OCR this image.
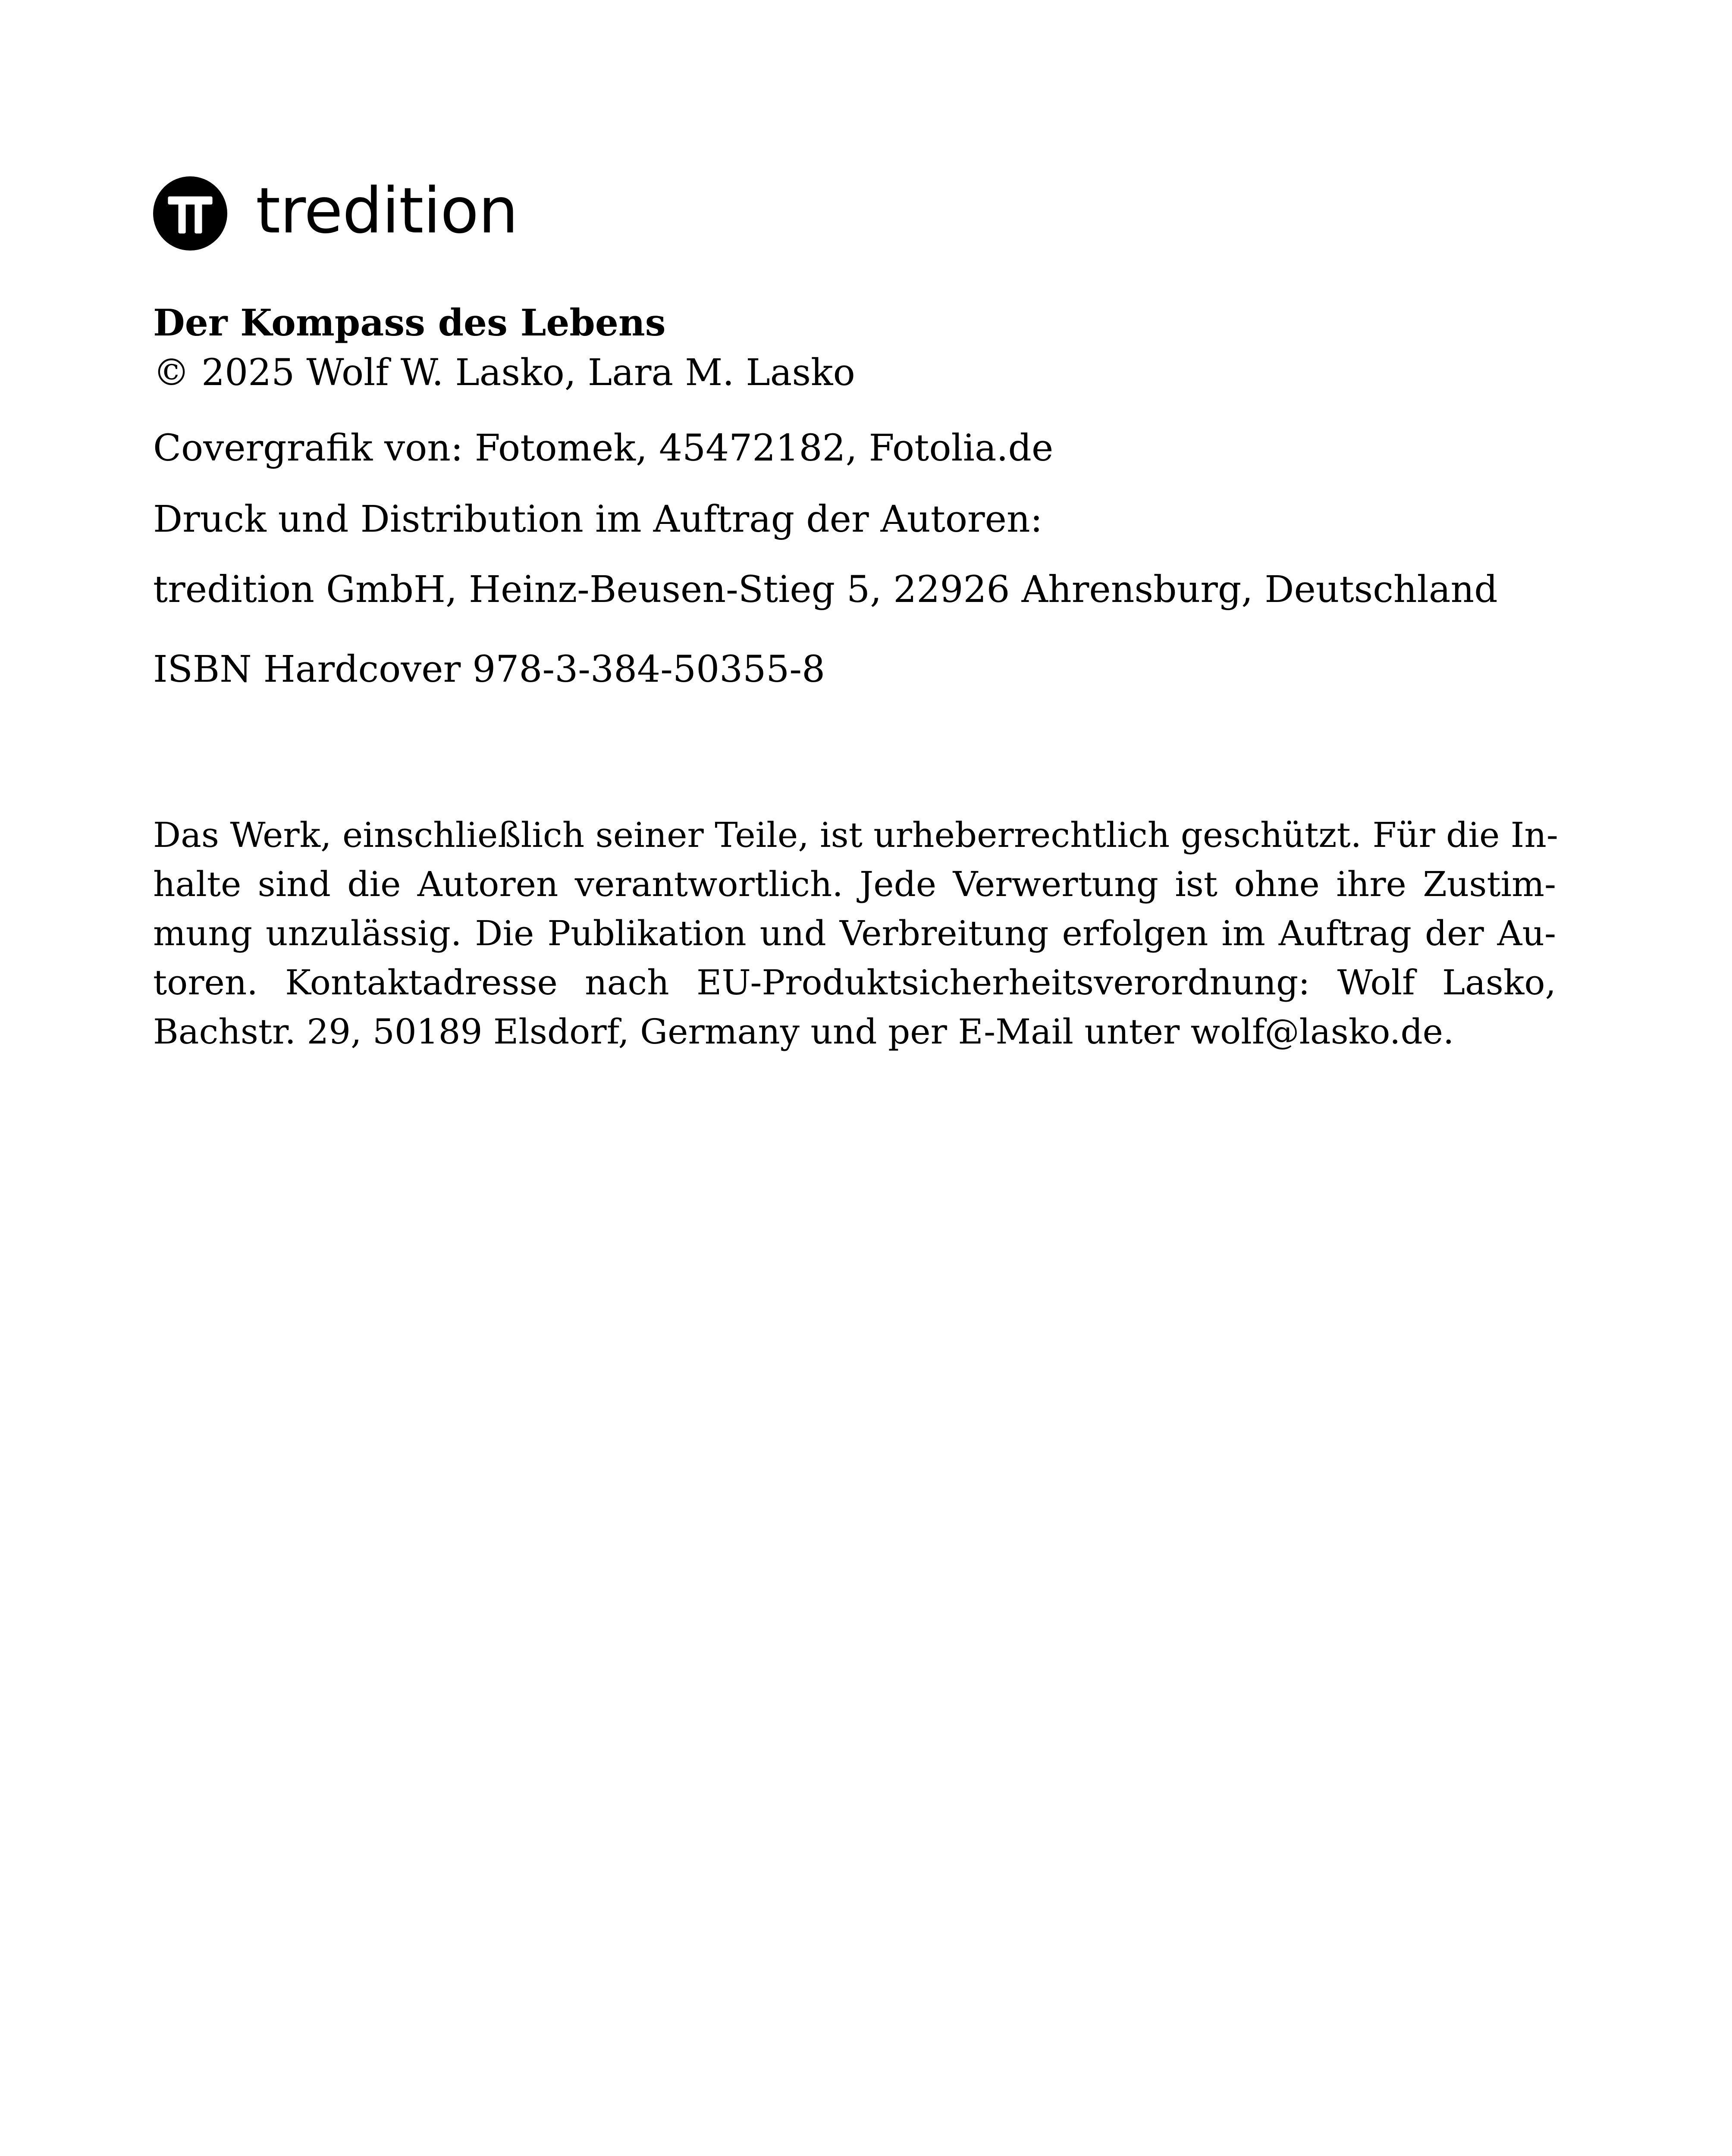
tredition
Der Kompass des Lebens
© 2025 Wolf W. Lasko, Lara M. Lasko
Covergrafik von: Fotomek, 45472182, Fotolia.de
Druck und Distribution im Auftrag der Autoren:
tredition GmbH, Heinz-Beusen-Stieg 5, 22926 Ahrensburg, Deutschland
ISBN Hardcover 978-3-384-50355-8
Das Werk, einschließlich seiner Teile, ist urheberrechtlich geschützt. Für die In-
halte sind die Autoren verantwortlich. Jede Verwertung ist ohne ihre Zustim-
mung unzulässig. Die Publikation und Verbreitung erfolgen im Auftrag der Au-
toren. Kontaktadresse nach EU-Produktsicherheitsverordnung: Wolf Lasko,
Bachstr. 29, 50189 Elsdorf, Germany und per E-Mail unter wolf@lasko.de.
